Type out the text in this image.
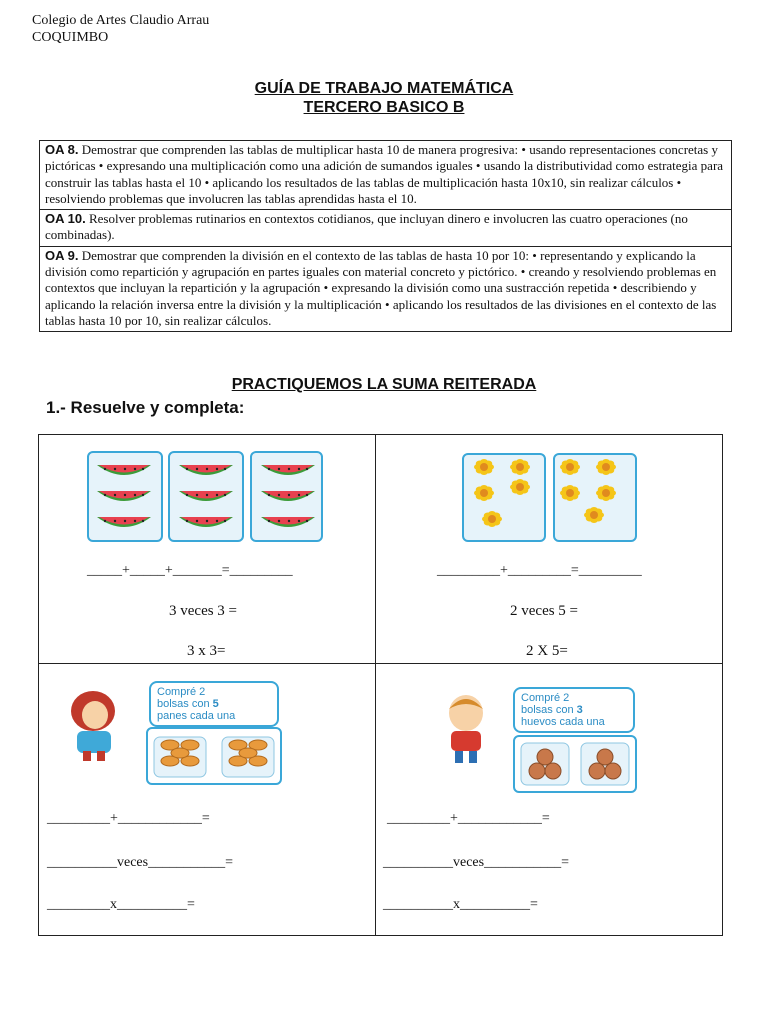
Colegio de Artes Claudio Arrau
COQUIMBO
GUÍA DE TRABAJO MATEMÁTICA
TERCERO BASICO B
OA 8. Demostrar que comprenden las tablas de multiplicar hasta 10 de manera progresiva: • usando representaciones concretas y pictóricas • expresando una multiplicación como una adición de sumandos iguales • usando la distributividad como estrategia para construir las tablas hasta el 10 • aplicando los resultados de las tablas de multiplicación hasta 10x10, sin realizar cálculos • resolviendo problemas que involucren las tablas aprendidas hasta el 10.
OA 10. Resolver problemas rutinarios en contextos cotidianos, que incluyan dinero e involucren las cuatro operaciones (no combinadas).
OA 9. Demostrar que comprenden la división en el contexto de las tablas de hasta 10 por 10: • representando y explicando la división como repartición y agrupación en partes iguales con material concreto y pictórico. • creando y resolviendo problemas en contextos que incluyan la repartición y la agrupación • expresando la división como una sustracción repetida • describiendo y aplicando la relación inversa entre la división y la multiplicación • aplicando los resultados de las divisiones en el contexto de las tablas hasta 10 por 10, sin realizar cálculos.
PRACTIQUEMOS LA SUMA REITERADA
1.- Resuelve y completa:
_____+_____+_______=_________
3 veces 3 =
3 x 3=
_________+_________=_________
2 veces 5 =
2 X 5=
Compré 2
bolsas con 5
panes cada una
_________+____________=
__________veces___________=
_________x__________=
Compré 2
bolsas con 3
huevos cada una
_________+____________=
__________veces___________=
__________x__________=
